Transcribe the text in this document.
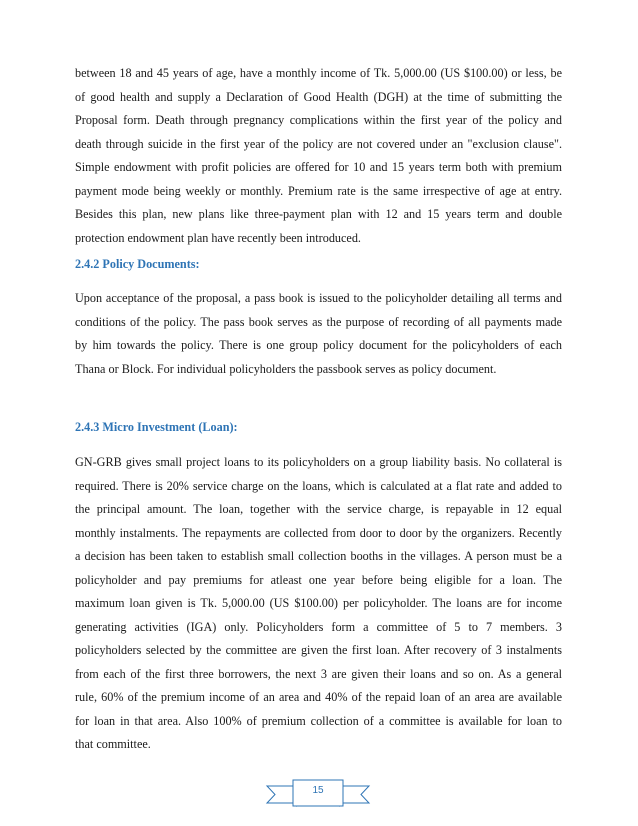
between 18 and 45 years of age, have a monthly income of Tk. 5,000.00 (US $100.00) or less, be

of good health and supply a Declaration of Good Health (DGH) at the time of submitting the

Proposal form. Death through pregnancy complications within the first year of the policy and

death through suicide in the first year of the policy are not covered under an "exclusion clause".

Simple endowment with profit policies are offered for 10 and 15 years term both with premium

payment mode being weekly or monthly. Premium rate is the same irrespective of age at entry.

Besides this plan, new plans like three-payment plan with 12 and 15 years term and double

protection endowment plan have recently been introduced.

2.4.2 Policy Documents:

Upon acceptance of the proposal, a pass book is issued to the policyholder detailing all terms and

conditions of the policy. The pass book serves as the purpose of recording of all payments made

by him towards the policy. There is one group policy document for the policyholders of each

Thana or Block. For individual policyholders the passbook serves as policy document.

2.4.3 Micro Investment (Loan):

GN-GRB gives small project loans to its policyholders on a group liability basis. No collateral is

required. There is 20% service charge on the loans, which is calculated at a flat rate and added to

the principal amount. The loan, together with the service charge, is repayable in 12 equal

monthly instalments. The repayments are collected from door to door by the organizers. Recently

a decision has been taken to establish small collection booths in the villages. A person must be a

policyholder and pay premiums for atleast one year before being eligible for a loan. The

maximum loan given is Tk. 5,000.00 (US $100.00) per policyholder. The loans are for income

generating activities (IGA) only. Policyholders form a committee of 5 to 7 members. 3

policyholders selected by the committee are given the first loan. After recovery of 3 instalments

from each of the first three borrowers, the next 3 are given their loans and so on. As a general

rule, 60% of the premium income of an area and 40% of the repaid loan of an area are available

for loan in that area. Also 100% of premium collection of a committee is available for loan to

that committee.

15
